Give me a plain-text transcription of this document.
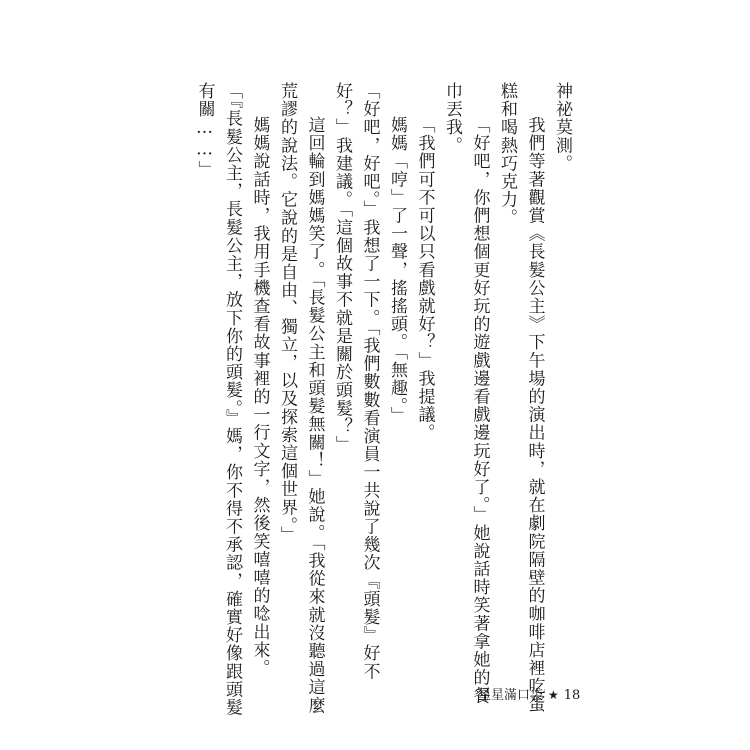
神祕莫測。

我們等著觀賞《長髮公主》下午場的演出時，就在劇院隔壁的咖啡店裡吃蛋

糕和喝熱巧克力。

「好吧，你們想個更好玩的遊戲邊看戲邊玩好了。」她說話時笑著拿她的餐

巾丟我。

「我們可不可以只看戲就好？」我提議。

媽媽「哼」了一聲，搖搖頭。「無趣。」

「好吧，好吧。」我想了一下。「我們數數看演員一共說了幾次『頭髮』好不

好？」我建議。「這個故事不就是關於頭髮？」

這回輪到媽媽笑了。「長髮公主和頭髮無關！」她說。「我從來就沒聽過這麼

荒謬的說法。它說的是自由、獨立，以及探索這個世界。」

媽媽說話時，我用手機查看故事裡的一行文字，然後笑嘻嘻的唸出來。

「『長髮公主，長髮公主，放下你的頭髮。』媽，你不得不承認，確實好像跟頭髮

有關……」

星星滿口袋 ★ 18
